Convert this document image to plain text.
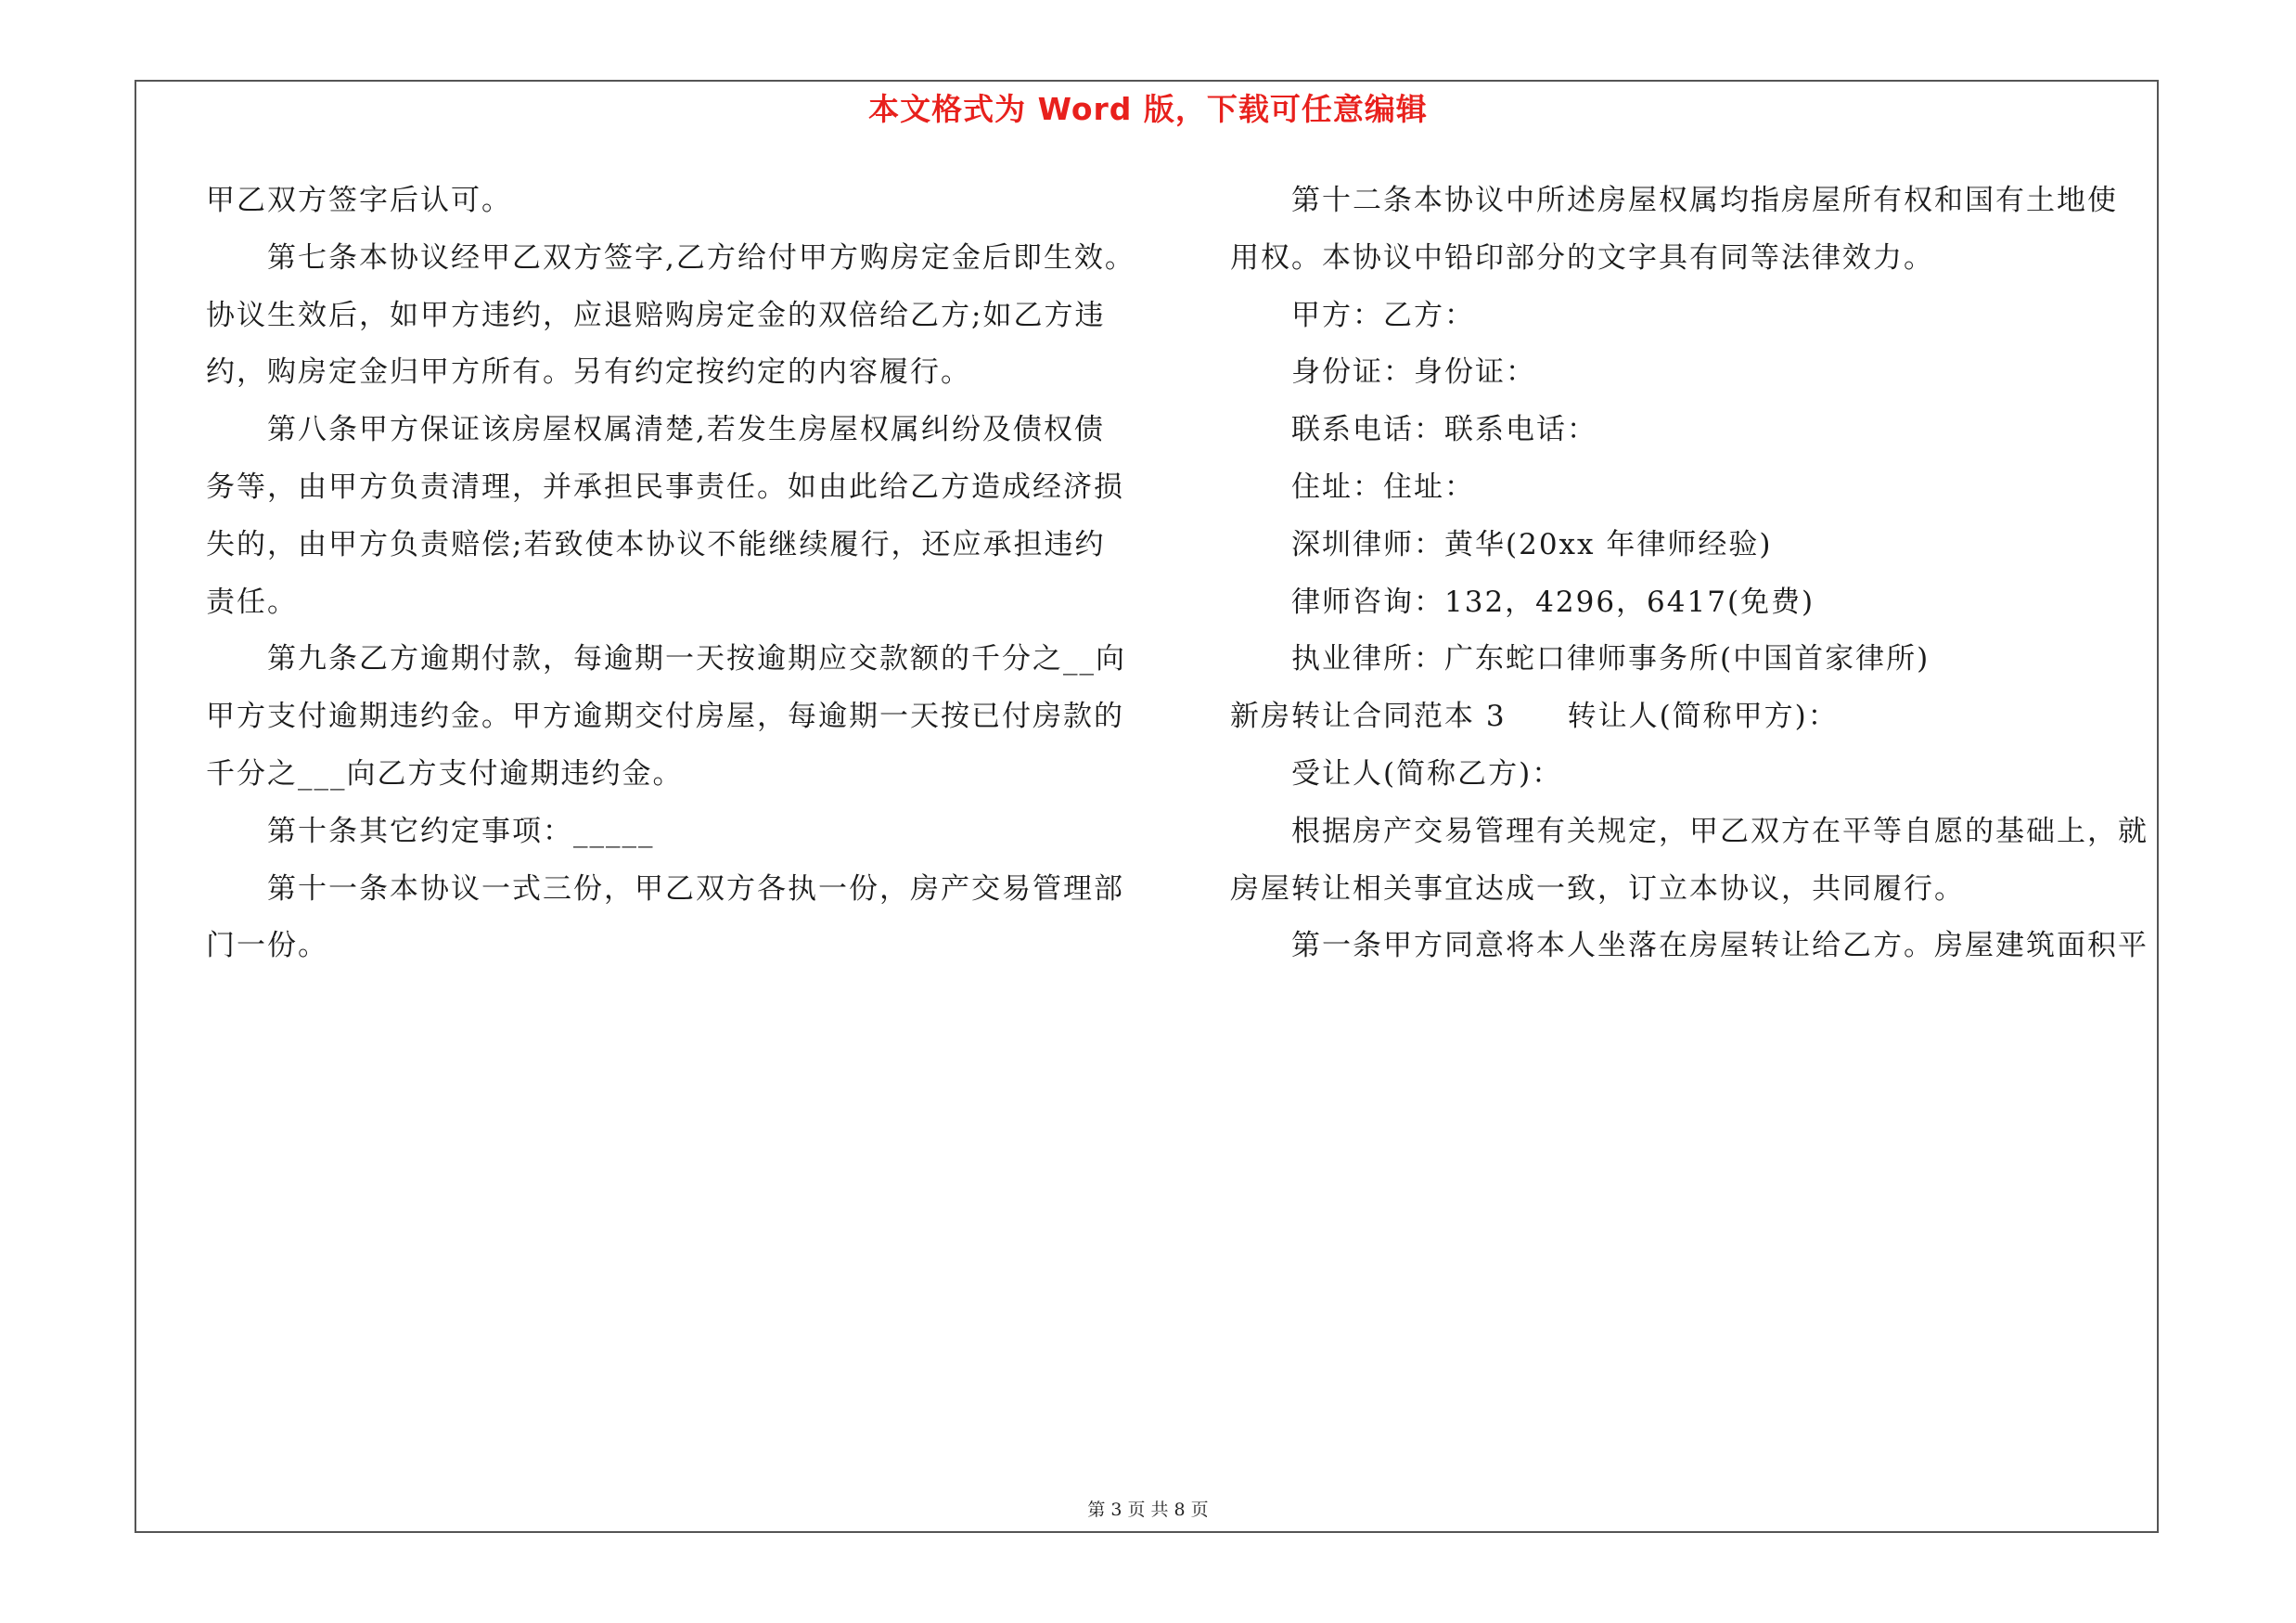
本文格式为 Word 版，下载可任意编辑
甲乙双方签字后认可。
第七条本协议经甲乙双方签字,乙方给付甲方购房定金后即生效。
协议生效后，如甲方违约，应退赔购房定金的双倍给乙方;如乙方违
约，购房定金归甲方所有。另有约定按约定的内容履行。
第八条甲方保证该房屋权属清楚,若发生房屋权属纠纷及债权债
务等，由甲方负责清理，并承担民事责任。如由此给乙方造成经济损
失的，由甲方负责赔偿;若致使本协议不能继续履行，还应承担违约
责任。
第九条乙方逾期付款，每逾期一天按逾期应交款额的千分之__向
甲方支付逾期违约金。甲方逾期交付房屋，每逾期一天按已付房款的
千分之___向乙方支付逾期违约金。
第十条其它约定事项：_____
第十一条本协议一式三份，甲乙双方各执一份，房产交易管理部
门一份。
第十二条本协议中所述房屋权属均指房屋所有权和国有土地使
用权。本协议中铅印部分的文字具有同等法律效力。
甲方：乙方：
身份证：身份证：
联系电话：联系电话：
住址：住址：
深圳律师：黄华(20xx 年律师经验)
律师咨询：132，4296，6417(免费)
执业律所：广东蛇口律师事务所(中国首家律所)
新房转让合同范本 3　　转让人(简称甲方)：
受让人(简称乙方)：
根据房产交易管理有关规定，甲乙双方在平等自愿的基础上，就
房屋转让相关事宜达成一致，订立本协议，共同履行。
第一条甲方同意将本人坐落在房屋转让给乙方。房屋建筑面积平
第 3 页 共 8 页
